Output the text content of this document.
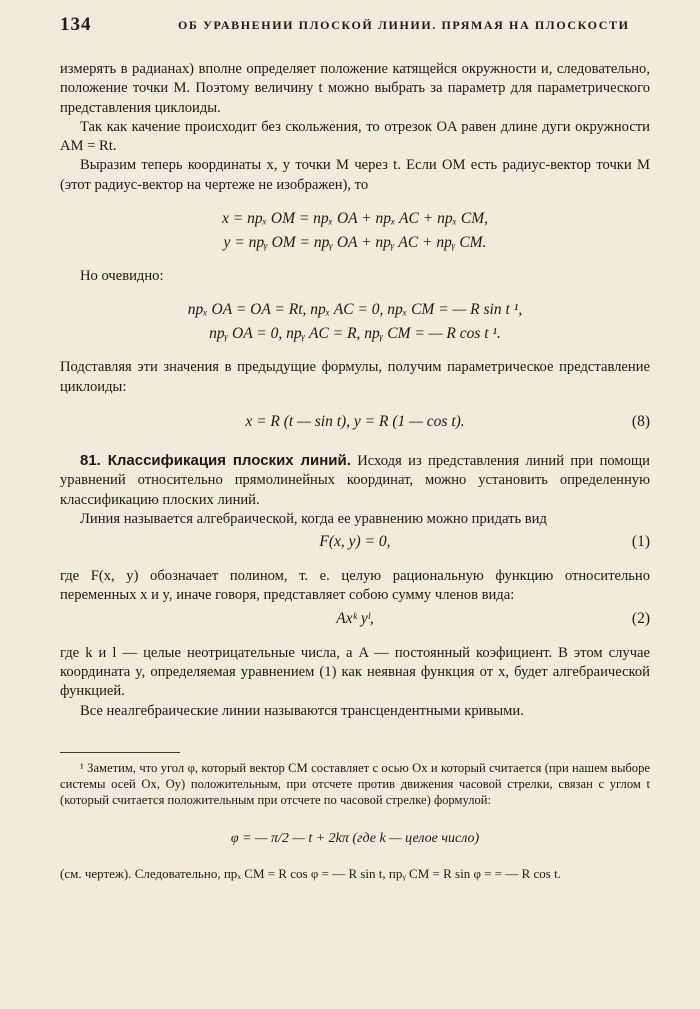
134	ОБ УРАВНЕНИИ ПЛОСКОЙ ЛИНИИ. ПРЯМАЯ НА ПЛОСКОСТИ

измерять в радианах) вполне определяет положение катящейся окружности и, следовательно, положение точки M. Поэтому величину t можно выбрать за параметр для параметрического представления циклоиды.

Так как качение происходит без скольжения, то отрезок OA равен длине дуги окружности AM = Rt.

Выразим теперь координаты x, y точки M через t. Если OM есть радиус-вектор точки M (этот радиус-вектор на чертеже не изображен), то

x = прₓ OM = прₓ OA + прₓ AC + прₓ CM,
y = прᵧ OM = прᵧ OA + прᵧ AC + прᵧ CM.

Но очевидно:

прₓ OA = OA = Rt, прₓ AC = 0, прₓ CM = — R sin t ¹,
прᵧ OA = 0, прᵧ AC = R, прᵧ CM = — R cos t ¹.

Подставляя эти значения в предыдущие формулы, получим параметрическое представление циклоиды:

x = R (t — sin t), y = R (1 — cos t).	(8)

81. Классификация плоских линий. Исходя из представления линий при помощи уравнений относительно прямолинейных координат, можно установить определенную классификацию плоских линий.

Линия называется алгебраической, когда ее уравнению можно придать вид

F(x, y) = 0,	(1)

где F(x, y) обозначает полином, т. е. целую рациональную функцию относительно переменных x и y, иначе говоря, представляет собою сумму членов вида:

Axᵏ yˡ,	(2)

где k и l — целые неотрицательные числа, а A — постоянный коэфициент. В этом случае координата y, определяемая уравнением (1) как неявная функция от x, будет алгебраической функцией.

Все неалгебраические линии называются трансцендентными кривыми.

¹ Заметим, что угол φ, который вектор CM составляет с осью Ox и который считается (при нашем выборе системы осей Ox, Oy) положительным, при отсчете против движения часовой стрелки, связан с углом t (который считается положительным при отсчете по часовой стрелке) формулой:

φ = — π/2 — t + 2kπ (где k — целое число)

(см. чертеж). Следовательно, прₓ CM = R cos φ = — R sin t, прᵧ CM = R sin φ = = — R cos t.
